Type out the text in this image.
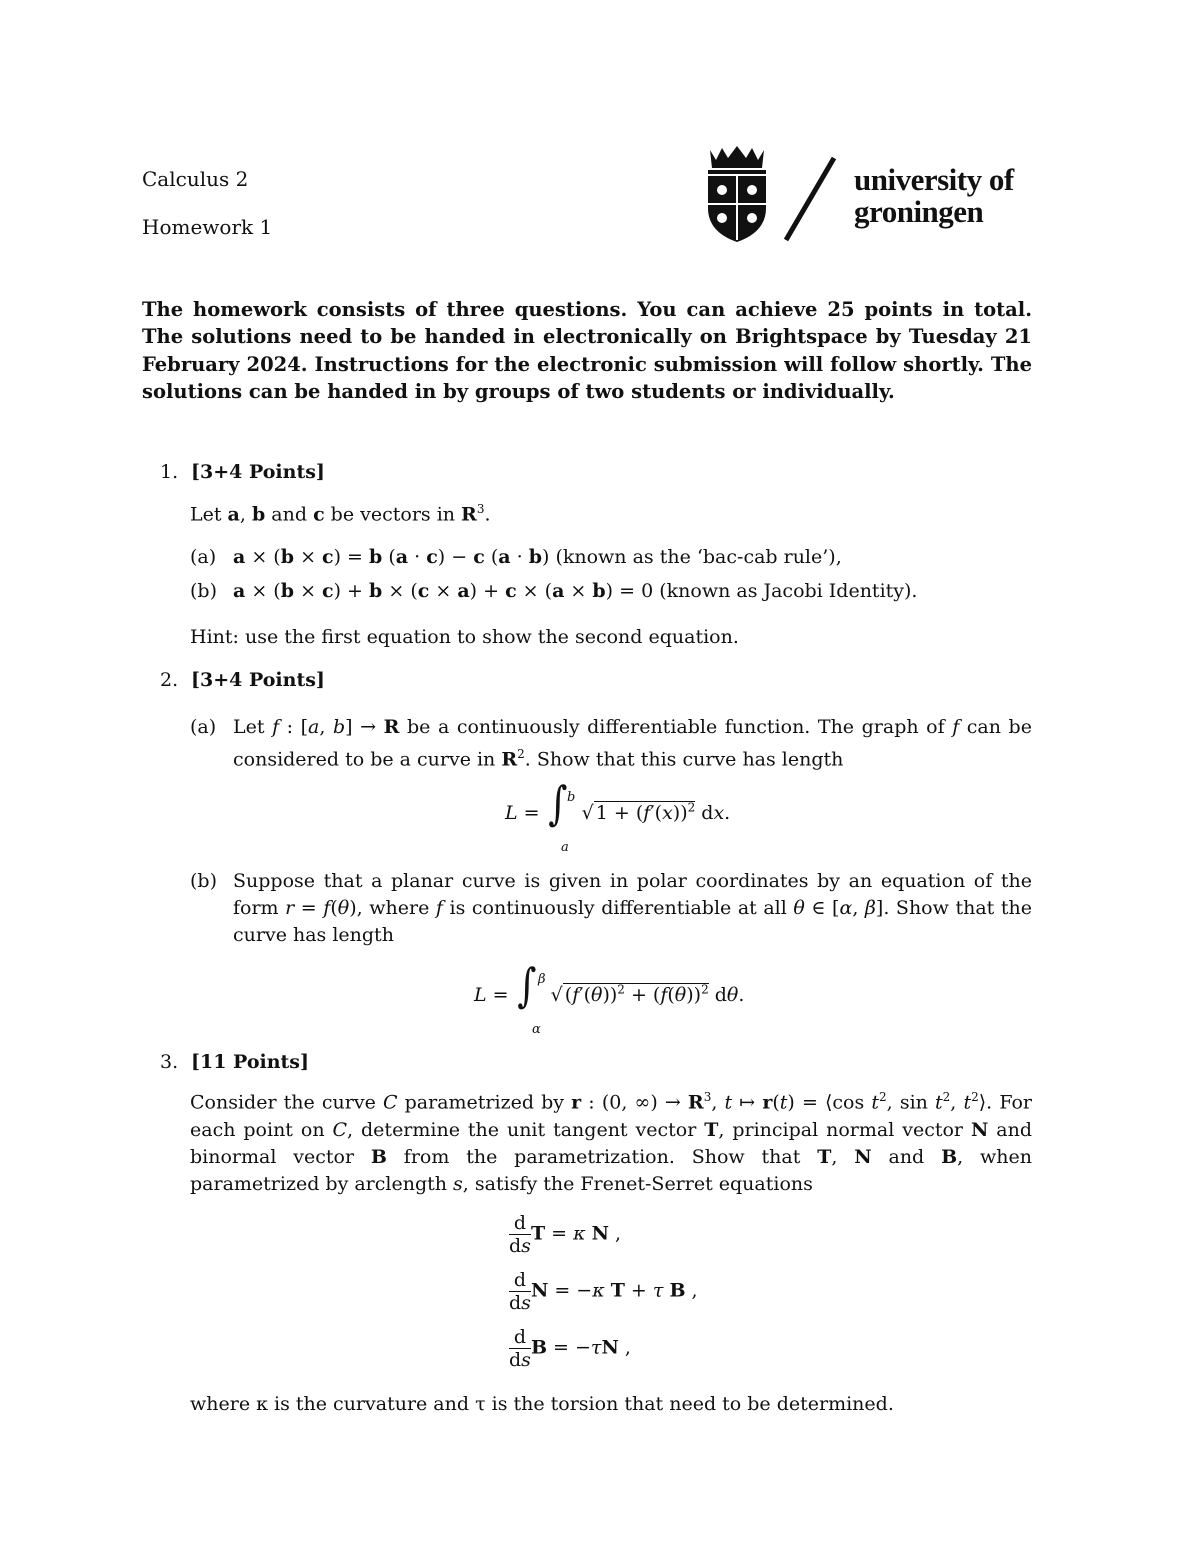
Calculus 2
Homework 1
university of
groningen
The homework consists of three questions. You can achieve 25 points in total. The solutions need to be handed in electronically on Brightspace by Tuesday 21 February 2024. Instructions for the electronic submission will follow shortly. The solutions can be handed in by groups of two students or individually.
1. [3+4 Points]
Let a, b and c be vectors in $R^3$.
(a) a × (b × c) = b (a · c) − c (a · b) (known as the ‘bac-cab rule’),
(b) a × (b × c) + b × (c × a) + c × (a × b) = 0 (known as Jacobi Identity).
Hint: use the first equation to show the second equation.
2. [3+4 Points]
(a) Let f : [a, b] → R be a continuously differentiable function. The graph of f can be considered to be a curve in $R^2$. Show that this curve has length
L = ∫ b
a
√ $1 + (f'(x))^2$ dx.
(b) Suppose that a planar curve is given in polar coordinates by an equation of the form r = f(θ), where f is continuously differentiable at all θ ∈ [α, β]. Show that the curve has length
L = ∫ β
α
√ $(f'(\theta))^2 + (f(\theta))^2$ dθ.
3. [11 Points]
Consider the curve C parametrized by r : (0, ∞) → $R^3$, t ↦ r(t) = ⟨cos $t^2$, $\sin t^2$, $t^2⟩$. For each point on C, determine the unit tangent vector T, principal normal vector N and binormal vector B from the parametrization. Show that T, N and B, when parametrized by arclength s, satisfy the Frenet-Serret equations
$\frac{d}{ds}$ T = κ N ,
$\frac{d}{ds}$ N = −κ T + τ B ,
$\frac{d}{ds}$ B = −τN ,
where κ is the curvature and τ is the torsion that need to be determined.
